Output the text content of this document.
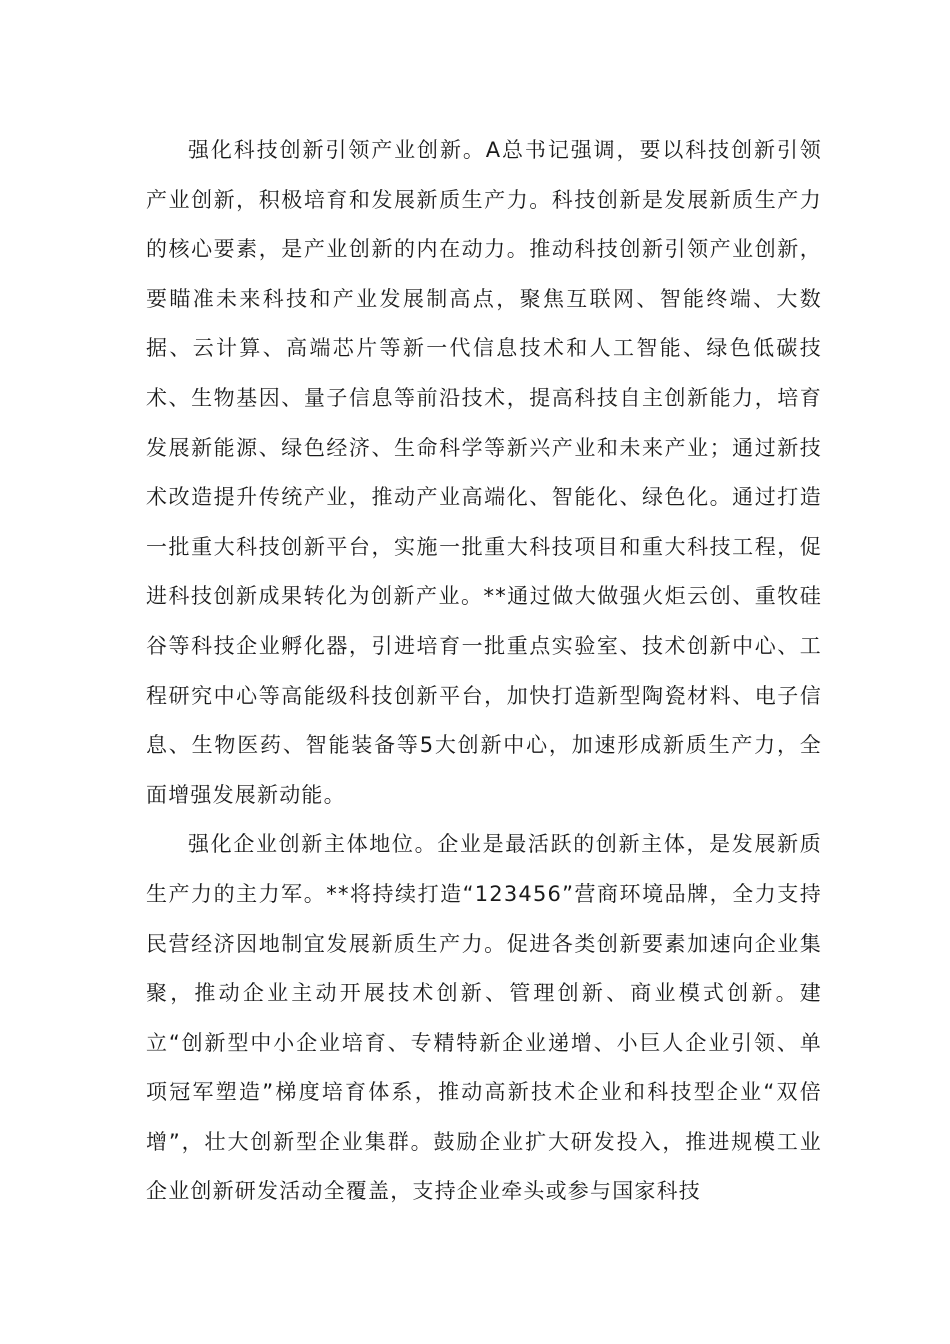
强化科技创新引领产业创新。A总书记强调，要以科技创新引领产业创新，积极培育和发展新质生产力。科技创新是发展新质生产力的核心要素，是产业创新的内在动力。推动科技创新引领产业创新，要瞄准未来科技和产业发展制高点，聚焦互联网、智能终端、大数据、云计算、高端芯片等新一代信息技术和人工智能、绿色低碳技术、生物基因、量子信息等前沿技术，提高科技自主创新能力，培育发展新能源、绿色经济、生命科学等新兴产业和未来产业；通过新技术改造提升传统产业，推动产业高端化、智能化、绿色化。通过打造一批重大科技创新平台，实施一批重大科技项目和重大科技工程，促进科技创新成果转化为创新产业。**通过做大做强火炬云创、重牧硅谷等科技企业孵化器，引进培育一批重点实验室、技术创新中心、工程研究中心等高能级科技创新平台，加快打造新型陶瓷材料、电子信息、生物医药、智能装备等5大创新中心，加速形成新质生产力，全面增强发展新动能。

强化企业创新主体地位。企业是最活跃的创新主体，是发展新质生产力的主力军。**将持续打造“123456”营商环境品牌，全力支持民营经济因地制宜发展新质生产力。促进各类创新要素加速向企业集聚，推动企业主动开展技术创新、管理创新、商业模式创新。建立“创新型中小企业培育、专精特新企业递增、小巨人企业引领、单项冠军塑造”梯度培育体系，推动高新技术企业和科技型企业“双倍增”，壮大创新型企业集群。鼓励企业扩大研发投入，推进规模工业企业创新研发活动全覆盖，支持企业牵头或参与国家科技
